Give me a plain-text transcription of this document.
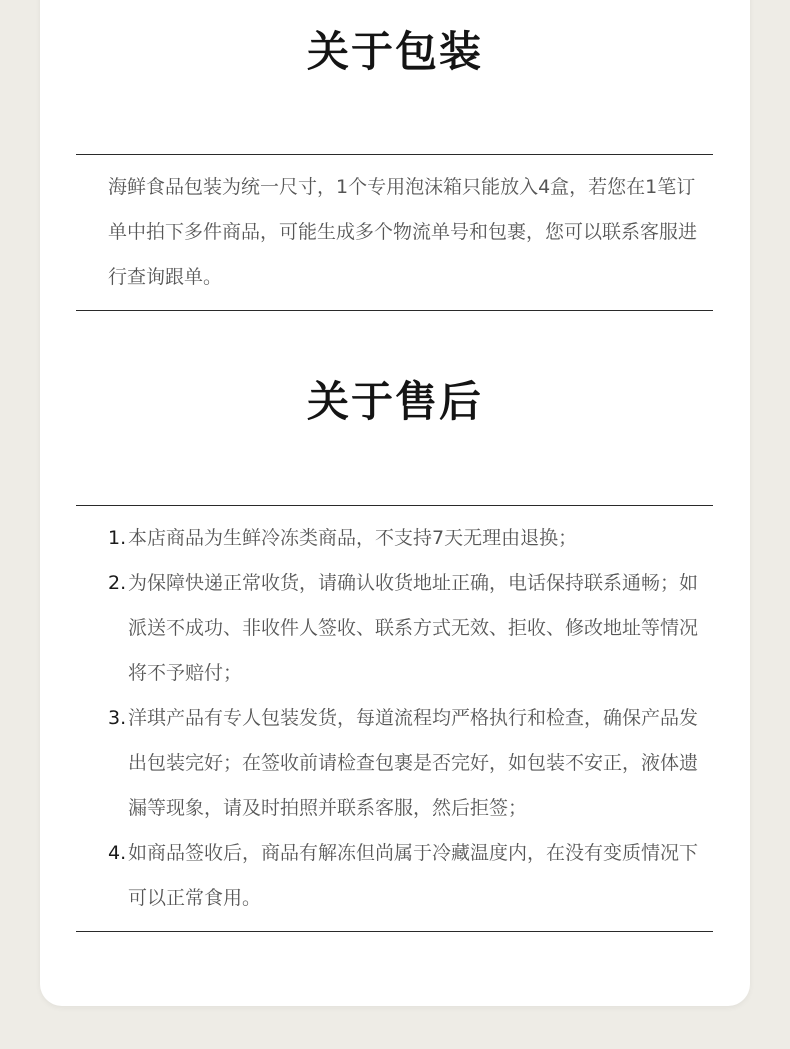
关于包装

海鲜食品包装为统一尺寸，1个专用泡沫箱只能放入4盒，若您在1笔订单中拍下多件商品，可能生成多个物流单号和包裹，您可以联系客服进行查询跟单。

关于售后
1. 本店商品为生鲜冷冻类商品，不支持7天无理由退换；
2. 为保障快递正常收货，请确认收货地址正确，电话保持联系通畅；如派送不成功、非收件人签收、联系方式无效、拒收、修改地址等情况将不予赔付；
3. 洋琪产品有专人包装发货，每道流程均严格执行和检查，确保产品发出包装完好；在签收前请检查包裹是否完好，如包装不安正，液体遗漏等现象，请及时拍照并联系客服，然后拒签；
4. 如商品签收后，商品有解冻但尚属于冷藏温度内，在没有变质情况下可以正常食用。
